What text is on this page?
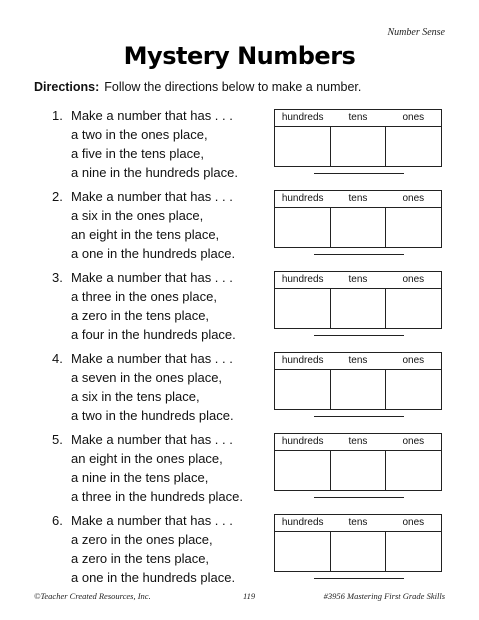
Number Sense
Mystery Numbers
Directions: Follow the directions below to make a number.
1. Make a number that has . . .
a two in the ones place,
a five in the tens place,
a nine in the hundreds place.
hundreds	tens	ones
2. Make a number that has . . .
a six in the ones place,
an eight in the tens place,
a one in the hundreds place.
hundreds	tens	ones
3. Make a number that has . . .
a three in the ones place,
a zero in the tens place,
a four in the hundreds place.
hundreds	tens	ones
4. Make a number that has . . .
a seven in the ones place,
a six in the tens place,
a two in the hundreds place.
hundreds	tens	ones
5. Make a number that has . . .
an eight in the ones place,
a nine in the tens place,
a three in the hundreds place.
hundreds	tens	ones
6. Make a number that has . . .
a zero in the ones place,
a zero in the tens place,
a one in the hundreds place.
hundreds	tens	ones
©Teacher Created Resources, Inc.	119	#3956 Mastering First Grade Skills
